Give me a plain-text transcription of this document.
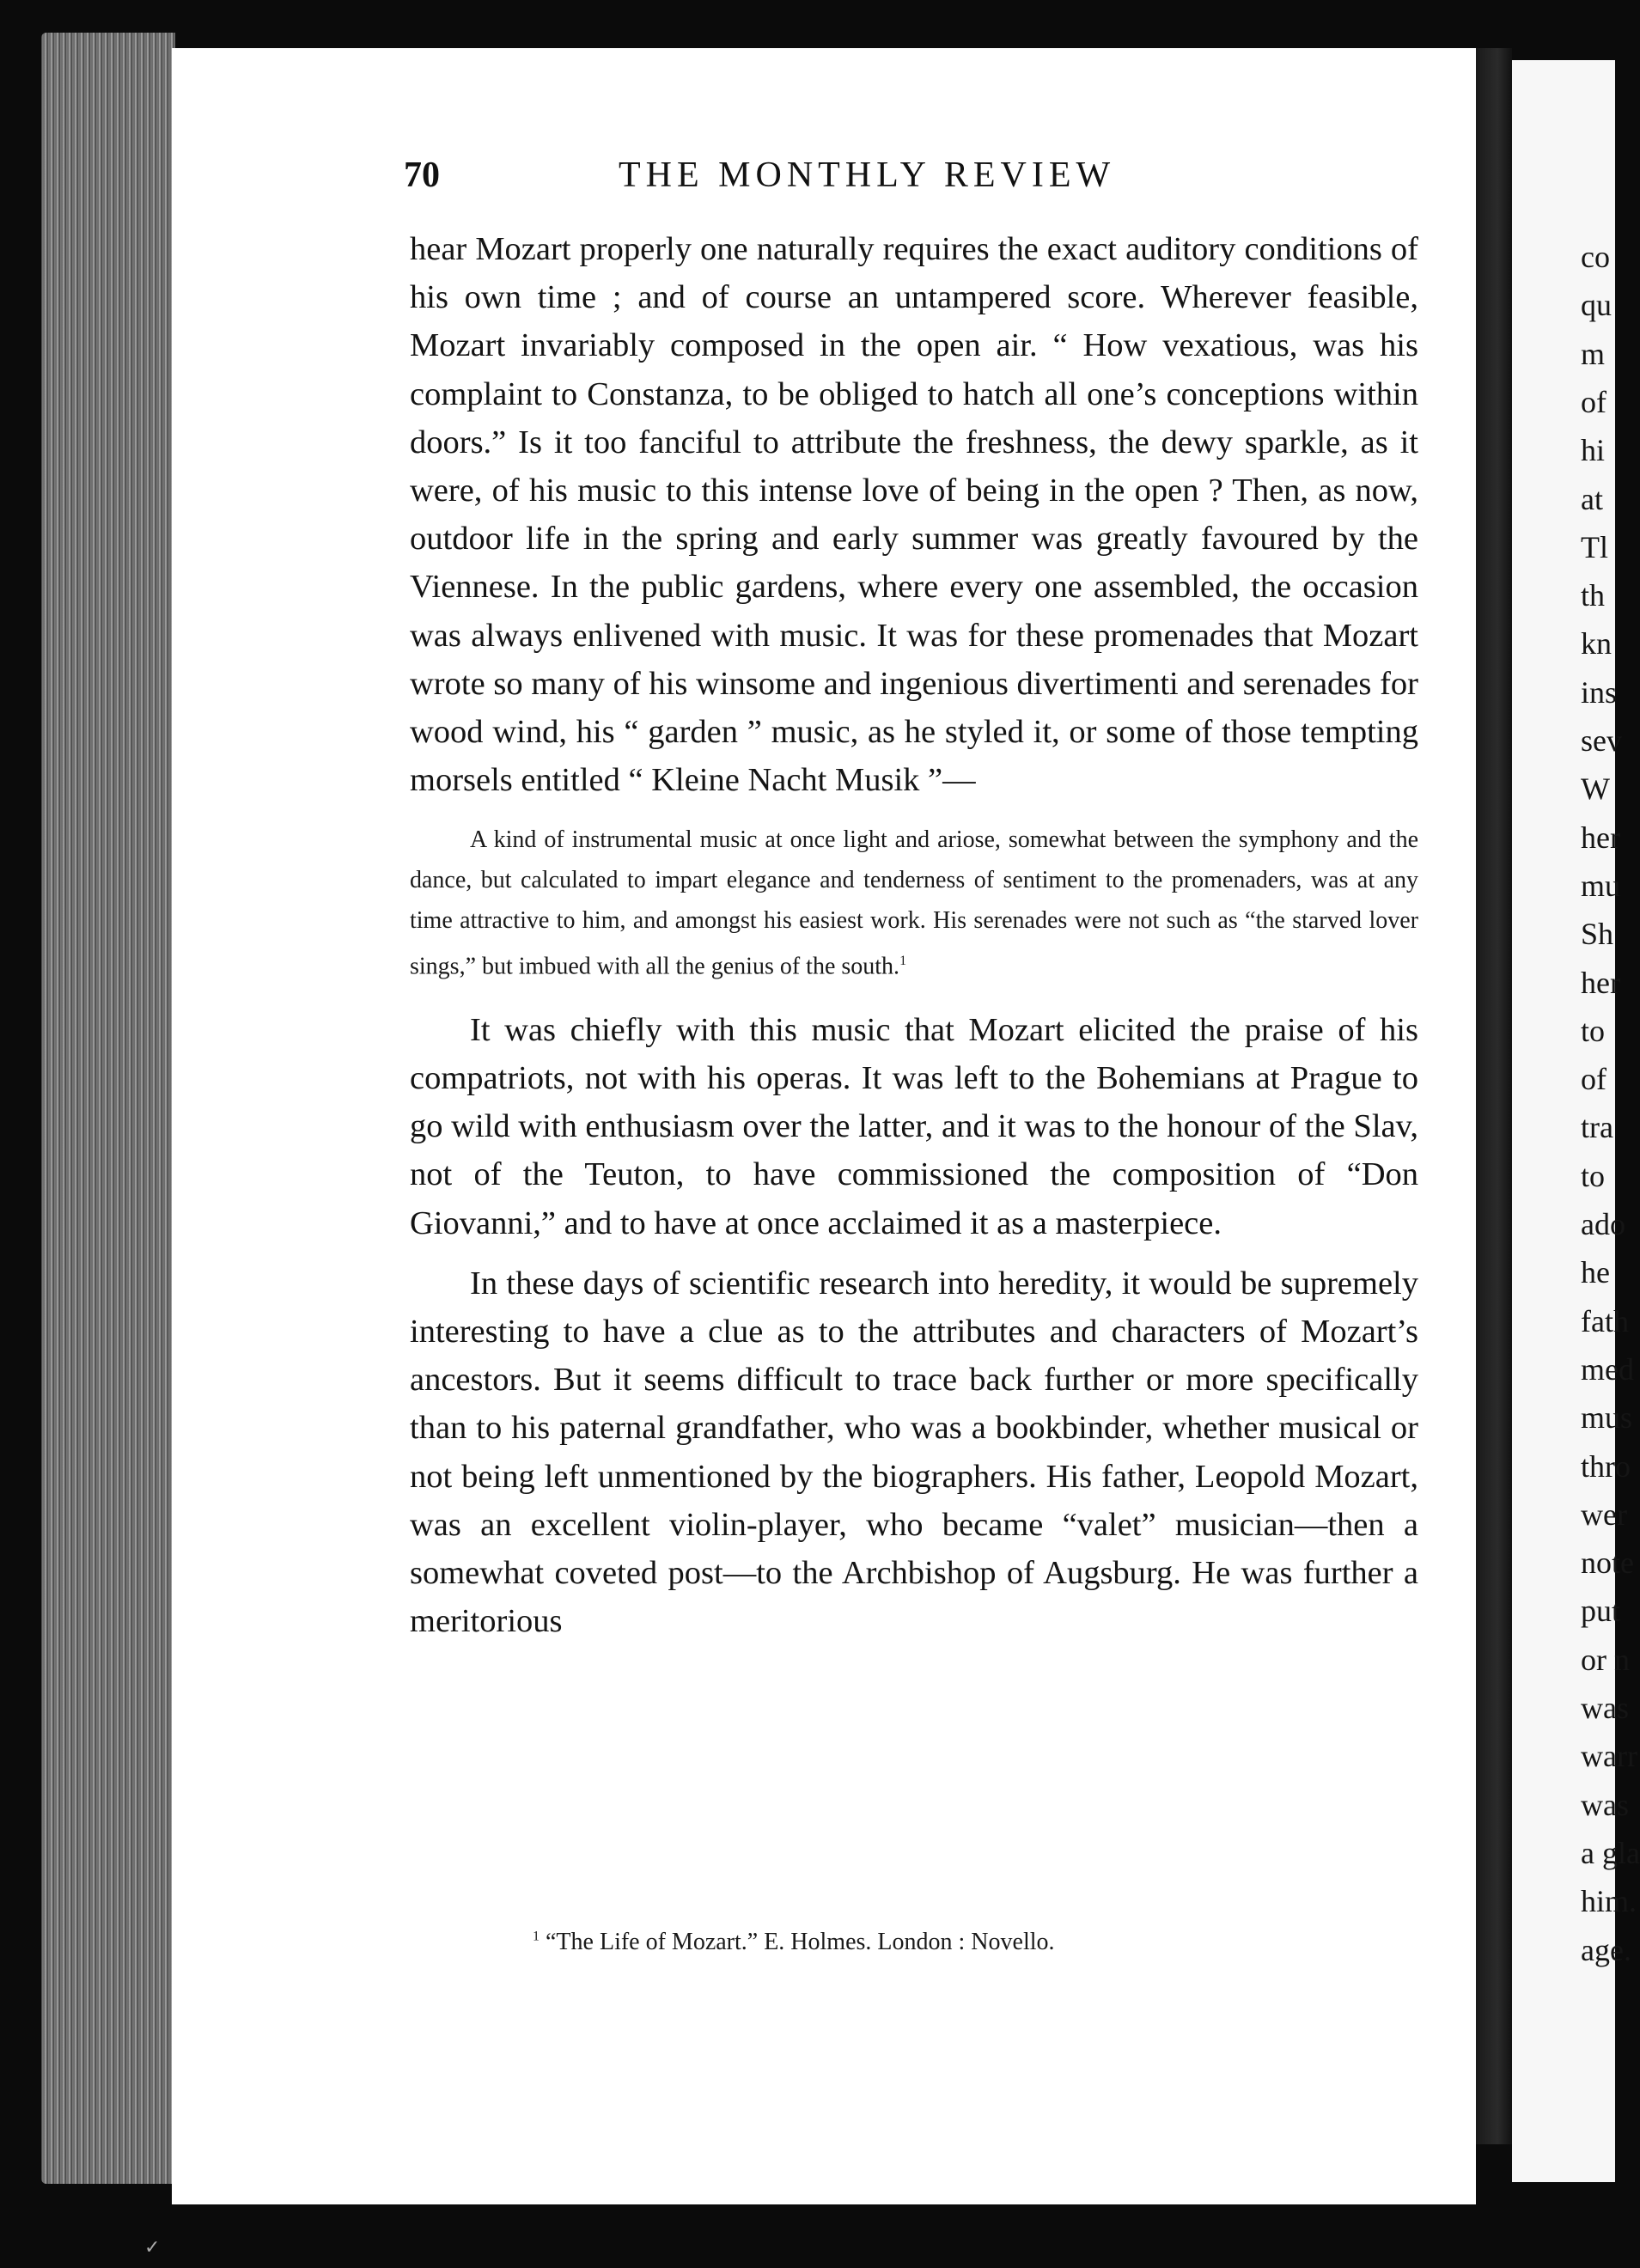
70	THE MONTHLY REVIEW

hear Mozart properly one naturally requires the exact auditory conditions of his own time ; and of course an untampered score. Wherever feasible, Mozart invariably composed in the open air. “ How vexatious, was his complaint to Constanza, to be obliged to hatch all one’s conceptions within doors.” Is it too fanciful to attribute the freshness, the dewy sparkle, as it were, of his music to this intense love of being in the open ? Then, as now, outdoor life in the spring and early summer was greatly favoured by the Viennese. In the public gardens, where every one assembled, the occasion was always enlivened with music. It was for these promenades that Mozart wrote so many of his winsome and ingenious divertimenti and serenades for wood wind, his “ garden ” music, as he styled it, or some of those tempting morsels entitled “ Kleine Nacht Musik ”—

A kind of instrumental music at once light and ariose, somewhat between the symphony and the dance, but calculated to impart elegance and tenderness of sentiment to the promenaders, was at any time attractive to him, and amongst his easiest work. His serenades were not such as “the starved lover sings,” but imbued with all the genius of the south.$^1$

It was chiefly with this music that Mozart elicited the praise of his compatriots, not with his operas. It was left to the Bohemians at Prague to go wild with enthusiasm over the latter, and it was to the honour of the Slav, not of the Teuton, to have commissioned the composition of “Don Giovanni,” and to have at once acclaimed it as a masterpiece.

In these days of scientific research into heredity, it would be supremely interesting to have a clue as to the attributes and characters of Mozart’s ancestors. But it seems difficult to trace back further or more specifically than to his paternal grandfather, who was a bookbinder, whether musical or not being left unmentioned by the biographers. His father, Leopold Mozart, was an excellent violin-player, who became “valet” musician—then a somewhat coveted post—to the Archbishop of Augsburg. He was further a meritorious

$^1$ “The Life of Mozart.” E. Holmes. London : Novello.
co
qu
m
of
hi
at
Tl
th
kn
ins
sev
W
her
mu
Sh
her
to
of
tra
to
ado
he
fath
med
mus
thro
wer
note
put
or n
was
warr
was
a gla
him.
age.
✓
